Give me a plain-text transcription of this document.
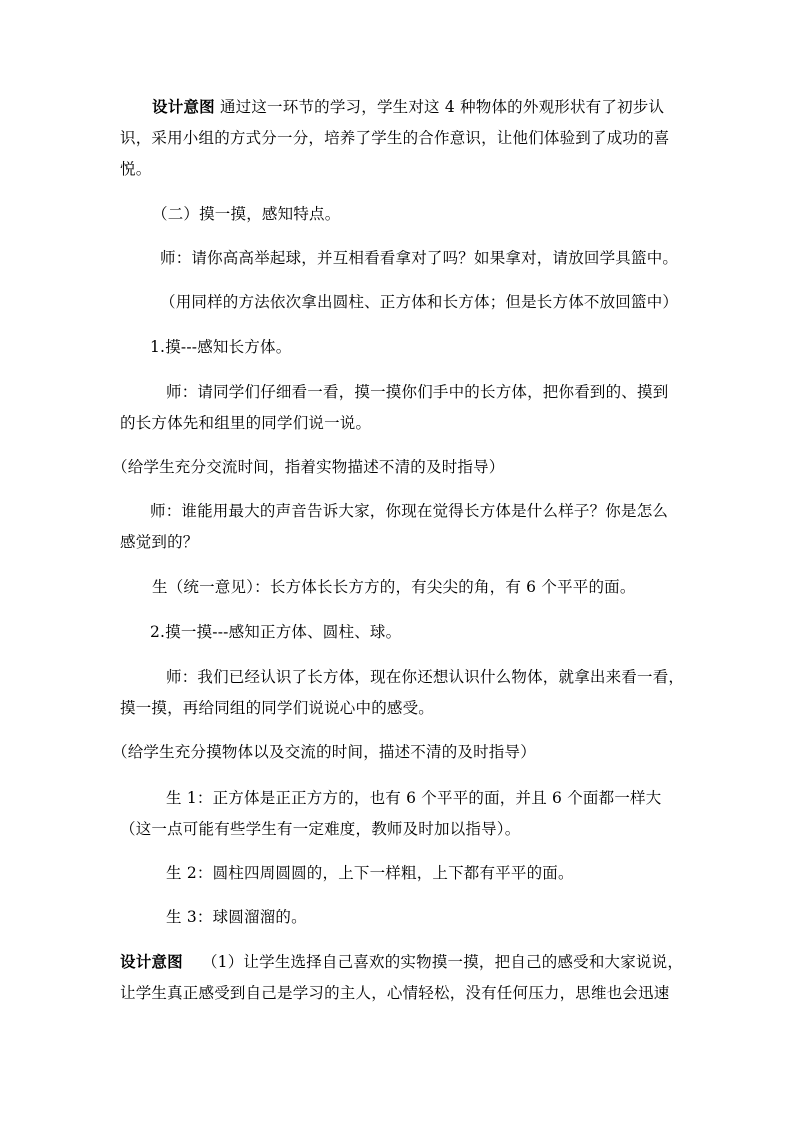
设计意图 通过这一环节的学习，学生对这 4 种物体的外观形状有了初步认
识，采用小组的方式分一分，培养了学生的合作意识，让他们体验到了成功的喜
悦。
（二）摸一摸，感知特点。
师：请你高高举起球，并互相看看拿对了吗？如果拿对，请放回学具篮中。
（用同样的方法依次拿出圆柱、正方体和长方体；但是长方体不放回篮中）
1.摸---感知长方体。
师：请同学们仔细看一看，摸一摸你们手中的长方体，把你看到的、摸到
的长方体先和组里的同学们说一说。
（给学生充分交流时间，指着实物描述不清的及时指导）
师：谁能用最大的声音告诉大家，你现在觉得长方体是什么样子？你是怎么
感觉到的？
生（统一意见）：长方体长长方方的，有尖尖的角，有 6 个平平的面。
2.摸一摸---感知正方体、圆柱、球。
师：我们已经认识了长方体，现在你还想认识什么物体，就拿出来看一看，
摸一摸，再给同组的同学们说说心中的感受。
（给学生充分摸物体以及交流的时间，描述不清的及时指导）
生 1：正方体是正正方方的，也有 6 个平平的面，并且 6 个面都一样大
（这一点可能有些学生有一定难度，教师及时加以指导）。
生 2：圆柱四周圆圆的，上下一样粗，上下都有平平的面。
生 3：球圆溜溜的。
设计意图 （1）让学生选择自己喜欢的实物摸一摸，把自己的感受和大家说说，
让学生真正感受到自己是学习的主人，心情轻松，没有任何压力，思维也会迅速
